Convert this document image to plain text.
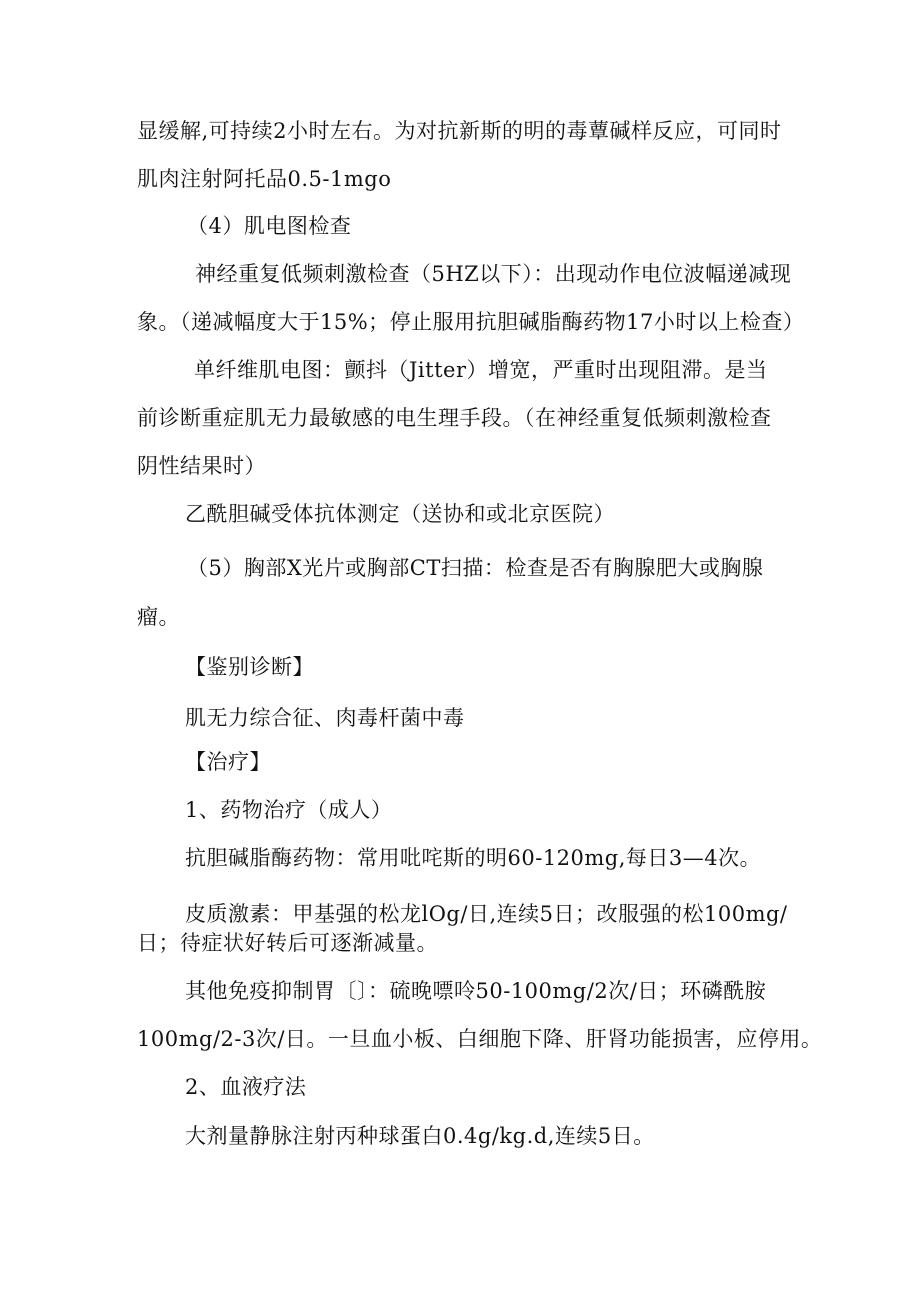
显缓解,可持续2小时左右。为对抗新斯的明的毒蕈碱样反应，可同时
肌肉注射阿托品0.5-1mgo
（4）肌电图检查
神经重复低频刺激检查（5HZ以下）：出现动作电位波幅递减现
象。（递减幅度大于15%；停止服用抗胆碱脂酶药物17小时以上检查）
单纤维肌电图：颤抖（Jitter）增宽，严重时出现阻滞。是当
前诊断重症肌无力最敏感的电生理手段。（在神经重复低频刺激检查
阴性结果时）
乙酰胆碱受体抗体测定（送协和或北京医院）
（5）胸部X光片或胸部CT扫描：检查是否有胸腺肥大或胸腺
瘤。
【鉴别诊断】
肌无力综合征、肉毒杆菌中毒
【治疗】
1、药物治疗（成人）
抗胆碱脂酶药物：常用吡咤斯的明60-120mg,每日3—4次。
皮质激素：甲基强的松龙lOg/日,连续5日；改服强的松100mg/
日；待症状好转后可逐渐减量。
其他免疫抑制胃〔〕：硫晚嘌呤50-100mg/2次/日；环磷酰胺
100mg/2-3次/日。一旦血小板、白细胞下降、肝肾功能损害，应停用。
2、血液疗法
大剂量静脉注射丙种球蛋白0.4g/kg.d,连续5日。
